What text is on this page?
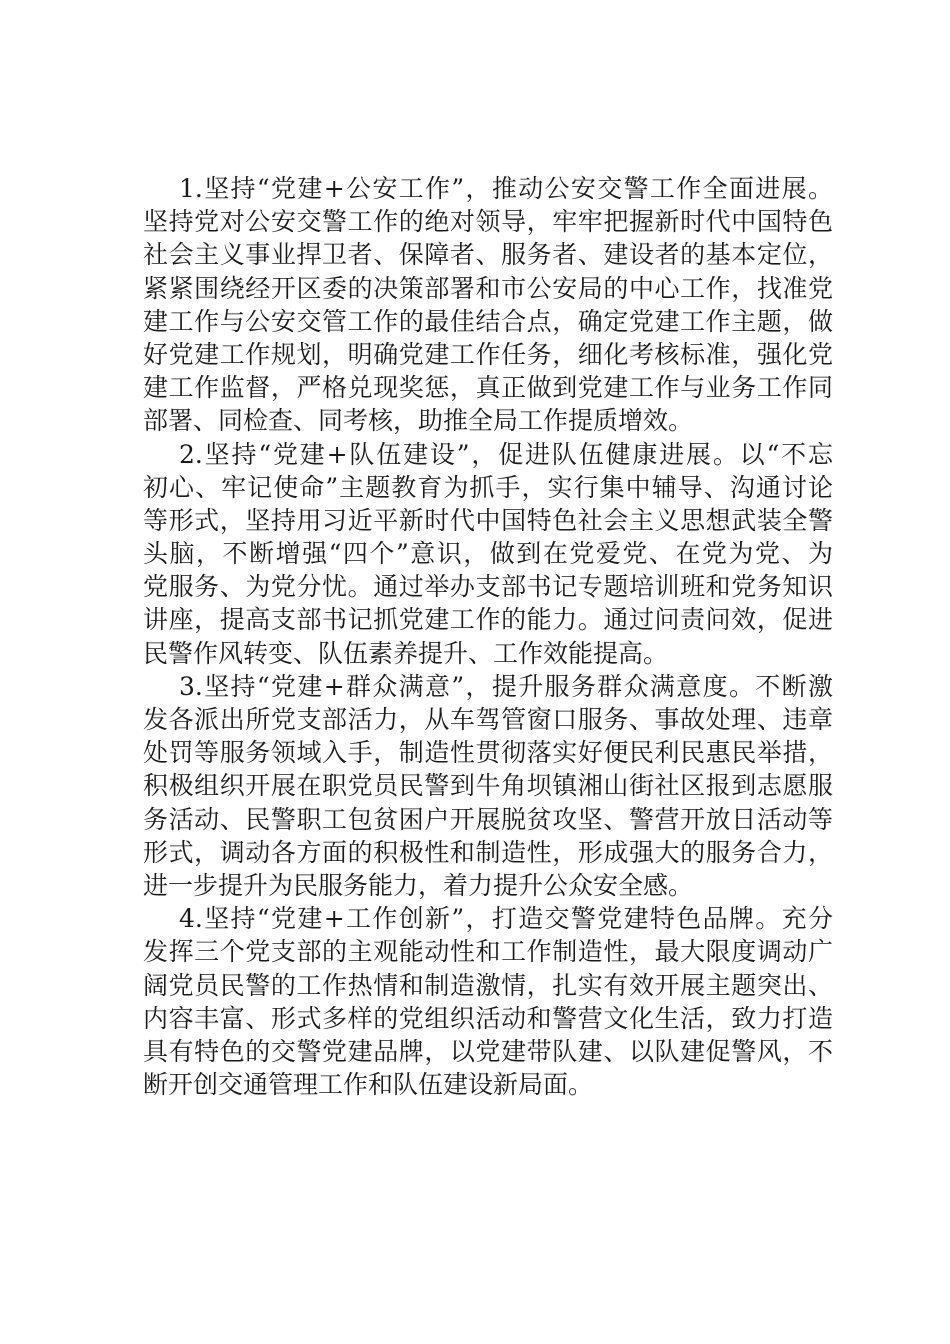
1.坚持“党建+公安工作”，推动公安交警工作全面进展。
坚持党对公安交警工作的绝对领导，牢牢把握新时代中国特色
社会主义事业捍卫者、保障者、服务者、建设者的基本定位，
紧紧围绕经开区委的决策部署和市公安局的中心工作，找准党
建工作与公安交管工作的最佳结合点，确定党建工作主题，做
好党建工作规划，明确党建工作任务，细化考核标准，强化党
建工作监督，严格兑现奖惩，真正做到党建工作与业务工作同
部署、同检查、同考核，助推全局工作提质增效。
2.坚持“党建+队伍建设”，促进队伍健康进展。以“不忘
初心、牢记使命”主题教育为抓手，实行集中辅导、沟通讨论
等形式，坚持用习近平新时代中国特色社会主义思想武装全警
头脑，不断增强“四个”意识，做到在党爱党、在党为党、为
党服务、为党分忧。通过举办支部书记专题培训班和党务知识
讲座，提高支部书记抓党建工作的能力。通过问责问效，促进
民警作风转变、队伍素养提升、工作效能提高。
3.坚持“党建+群众满意”，提升服务群众满意度。不断激
发各派出所党支部活力，从车驾管窗口服务、事故处理、违章
处罚等服务领域入手，制造性贯彻落实好便民利民惠民举措，
积极组织开展在职党员民警到牛角坝镇湘山街社区报到志愿服
务活动、民警职工包贫困户开展脱贫攻坚、警营开放日活动等
形式，调动各方面的积极性和制造性，形成强大的服务合力，
进一步提升为民服务能力，着力提升公众安全感。
4.坚持“党建+工作创新”，打造交警党建特色品牌。充分
发挥三个党支部的主观能动性和工作制造性，最大限度调动广
阔党员民警的工作热情和制造激情，扎实有效开展主题突出、
内容丰富、形式多样的党组织活动和警营文化生活，致力打造
具有特色的交警党建品牌，以党建带队建、以队建促警风，不
断开创交通管理工作和队伍建设新局面。
